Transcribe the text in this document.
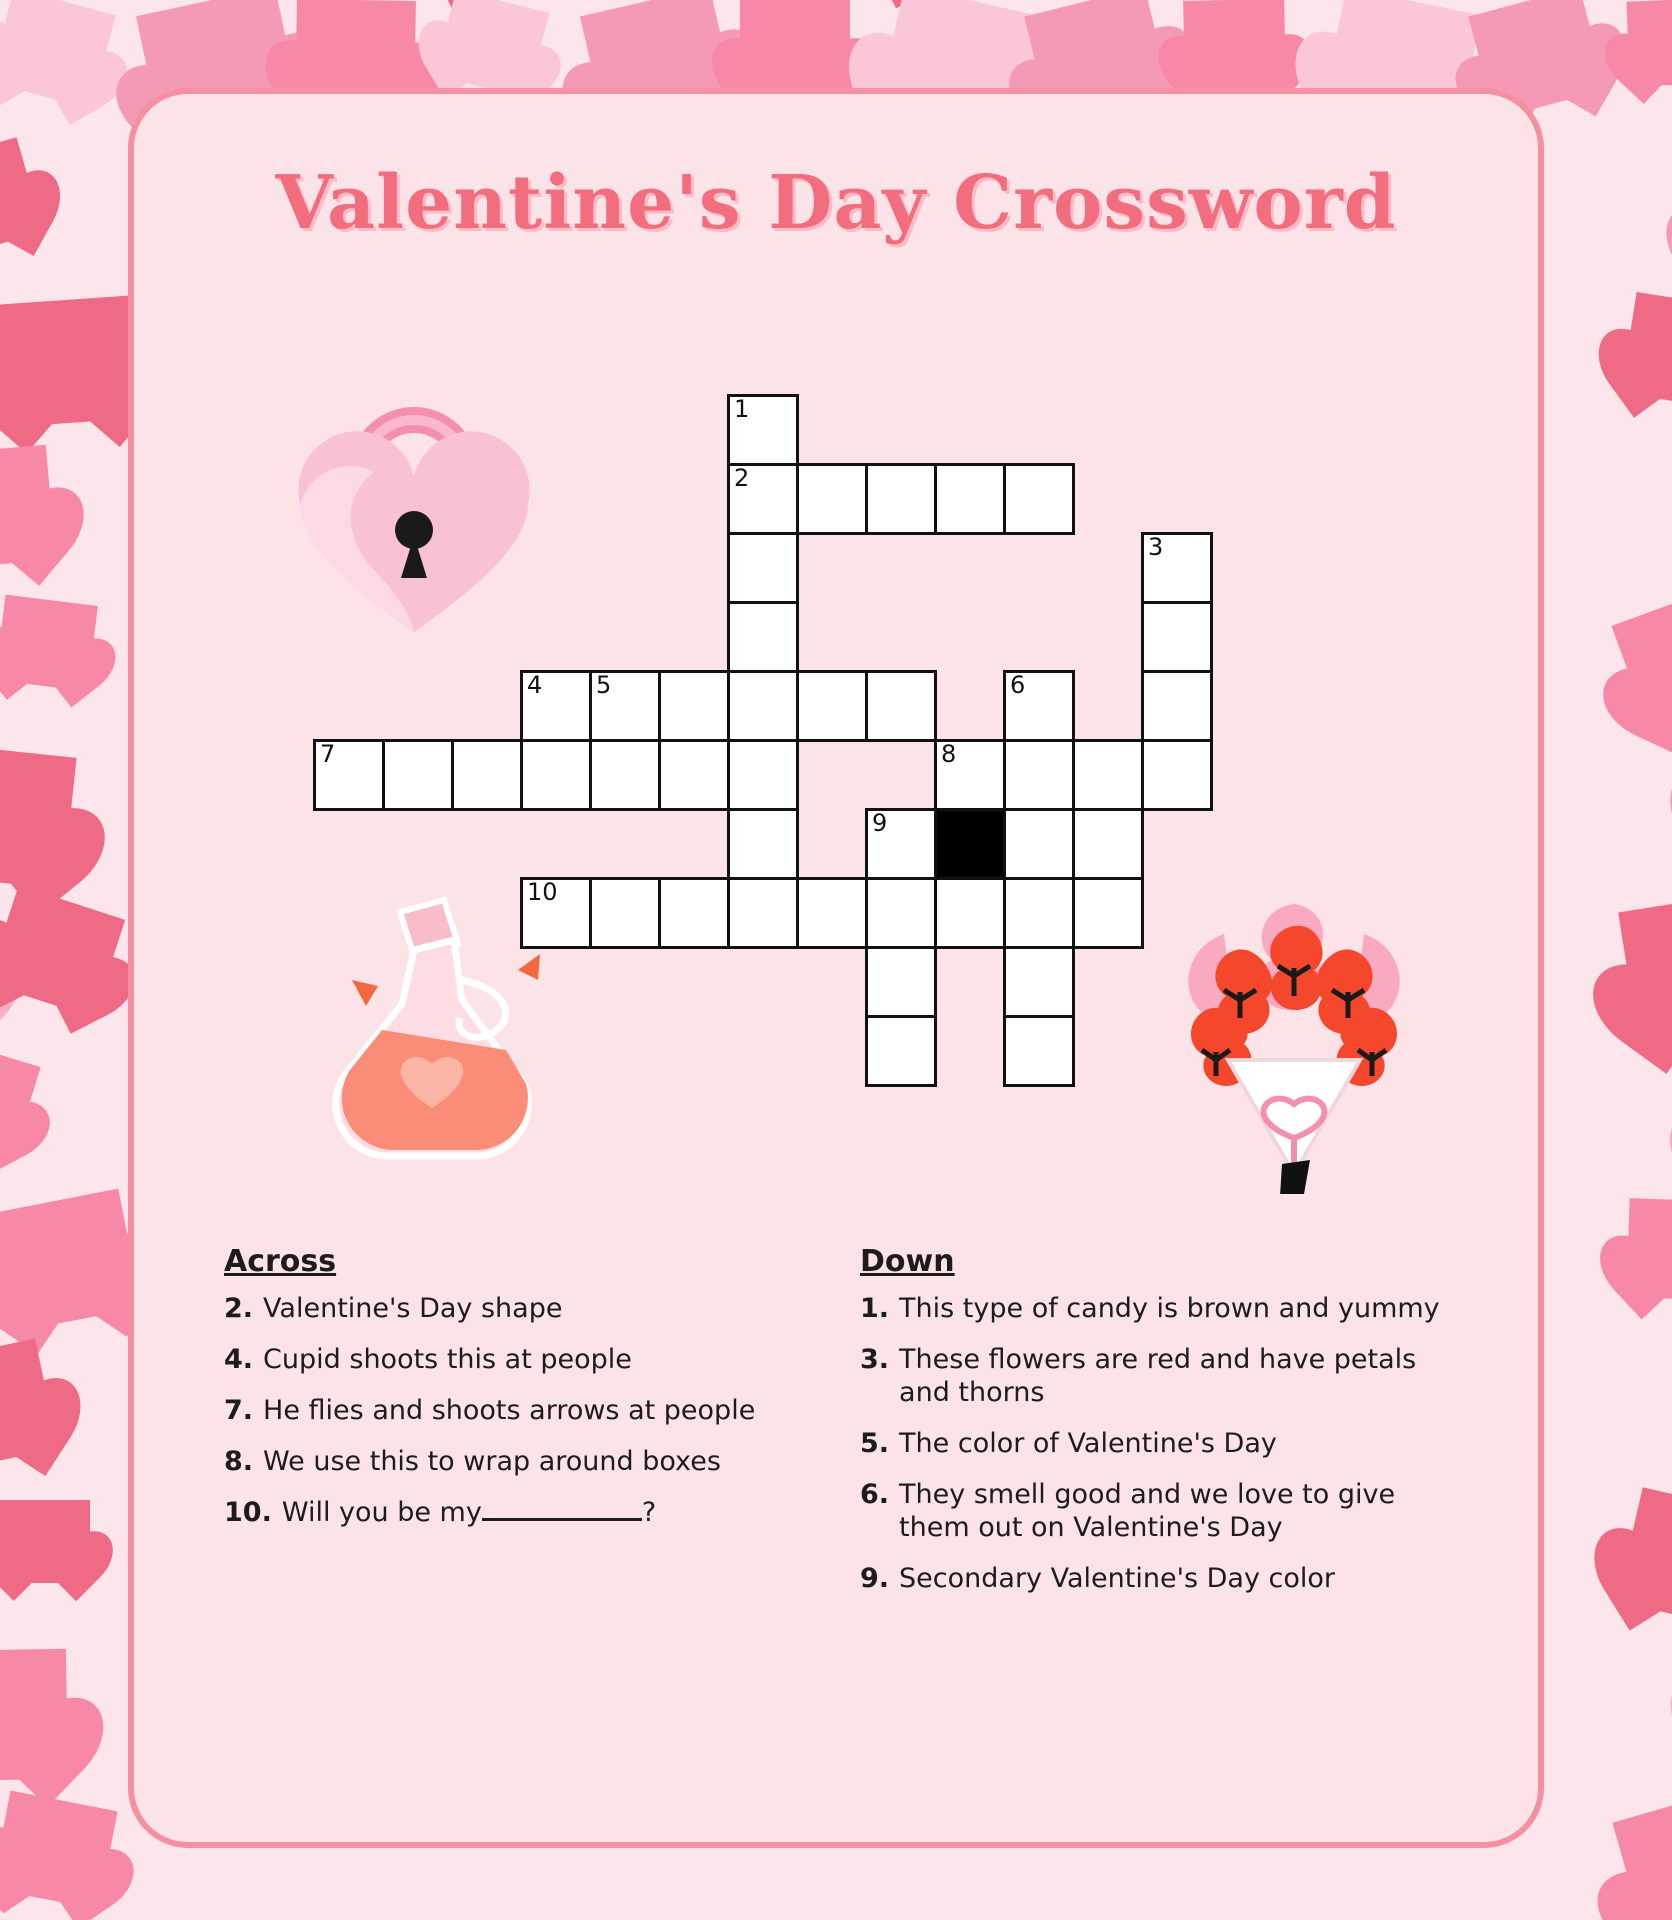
Valentine's Day Crossword
1
2
3
4 5	6
7	8
9
10
Across
2. Valentine's Day shape
4. Cupid shoots this at people
7. He flies and shoots arrows at people
8. We use this to wrap around boxes
10. Will you be my	?
Down
1. This type of candy is brown and yummy
3. These flowers are red and have petals and thorns
5. The color of Valentine's Day
6. They smell good and we love to give them out on Valentine's Day
9. Secondary Valentine's Day color
